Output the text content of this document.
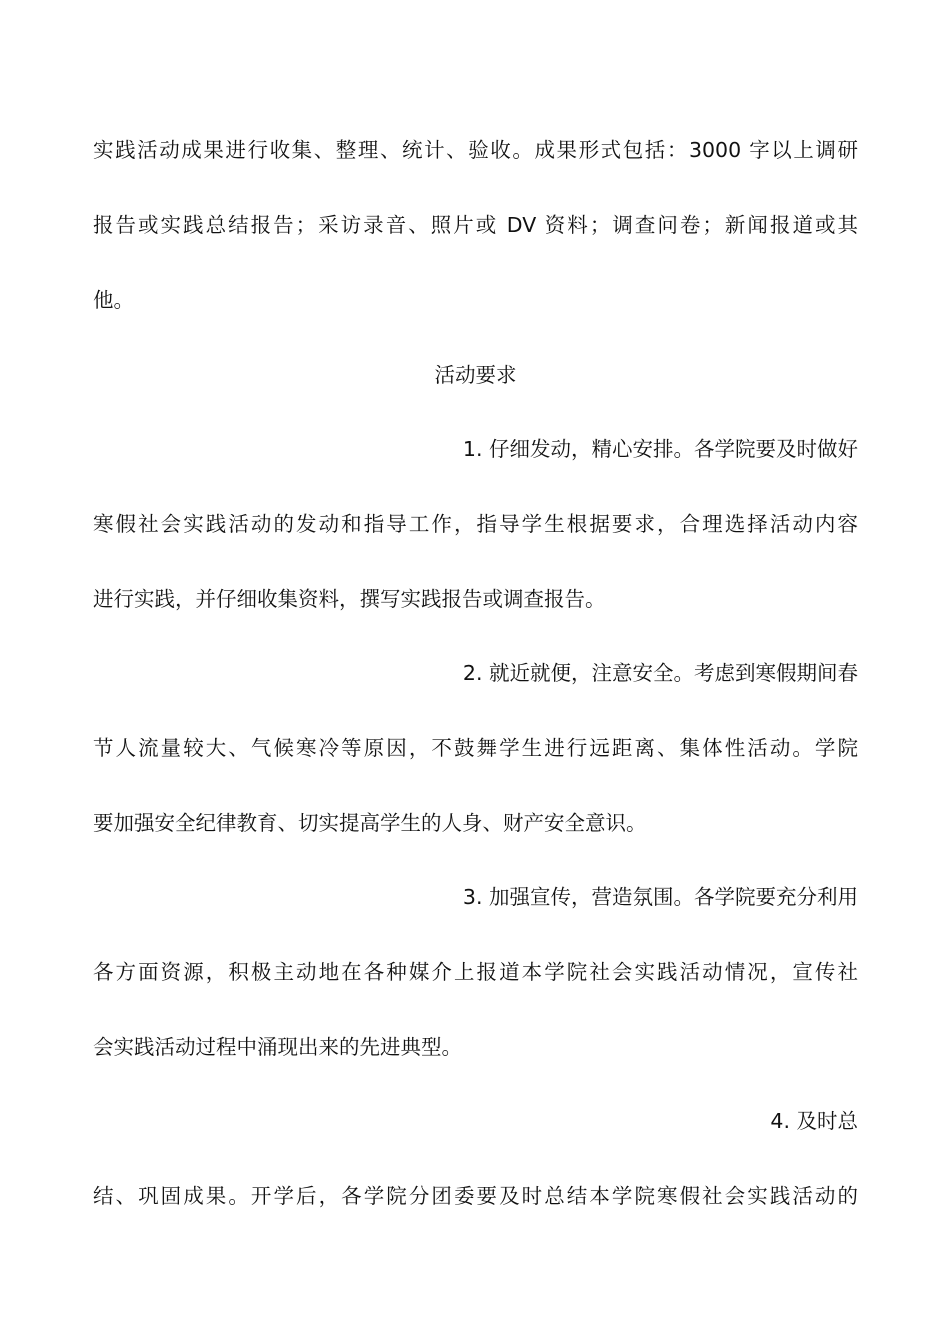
实践活动成果进行收集、整理、统计、验收。成果形式包括：3000 字以上调研
报告或实践总结报告；采访录音、照片或 DV 资料；调查问卷；新闻报道或其
他。
活动要求
1. 仔细发动，精心安排。各学院要及时做好
寒假社会实践活动的发动和指导工作，指导学生根据要求，合理选择活动内容
进行实践，并仔细收集资料，撰写实践报告或调查报告。
2. 就近就便，注意安全。考虑到寒假期间春
节人流量较大、气候寒冷等原因，不鼓舞学生进行远距离、集体性活动。学院
要加强安全纪律教育、切实提高学生的人身、财产安全意识。
3. 加强宣传，营造氛围。各学院要充分利用
各方面资源，积极主动地在各种媒介上报道本学院社会实践活动情况，宣传社
会实践活动过程中涌现出来的先进典型。
4. 及时总
结、巩固成果。开学后，各学院分团委要及时总结本学院寒假社会实践活动的
